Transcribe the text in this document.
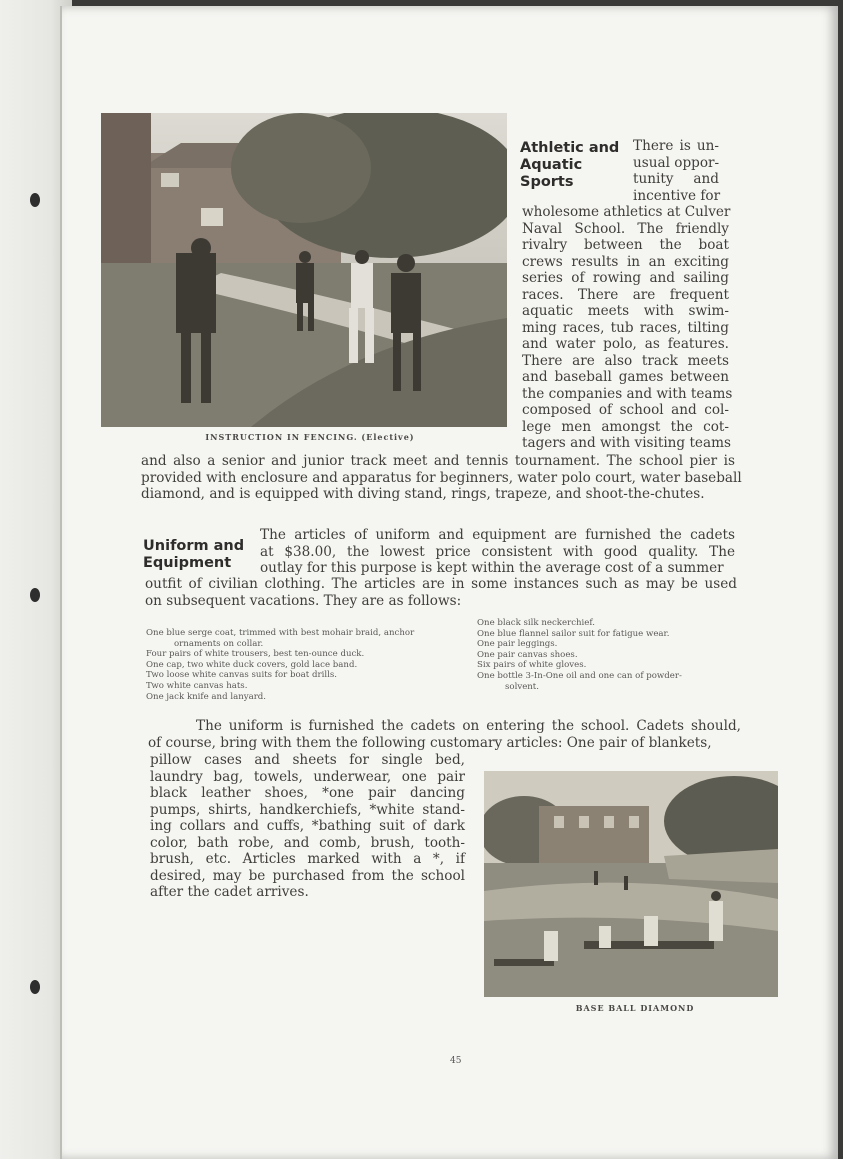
INSTRUCTION IN FENCING. (Elective)
Athletic and
Aquatic
Sports
There is un-
usual oppor-
tunity and
incentive for
wholesome athletics at Culver
Naval School. The friendly
rivalry between the boat
crews results in an exciting
series of rowing and sailing
races. There are frequent
aquatic meets with swim-
ming races, tub races, tilting
and water polo, as features.
There are also track meets
and baseball games between
the companies and with teams
composed of school and col-
lege men amongst the cot-
tagers and with visiting teams
and also a senior and junior track meet and tennis tournament. The school pier is
provided with enclosure and apparatus for beginners, water polo court, water baseball
diamond, and is equipped with diving stand, rings, trapeze, and shoot-the-chutes.
Uniform and
Equipment
The articles of uniform and equipment are furnished the cadets
at $38.00, the lowest price consistent with good quality. The
outlay for this purpose is kept within the average cost of a summer
outfit of civilian clothing. The articles are in some instances such as may be used
on subsequent vacations. They are as follows:
One blue serge coat, trimmed with best mohair braid, anchor
ornaments on collar.
Four pairs of white trousers, best ten-ounce duck.
One cap, two white duck covers, gold lace band.
Two loose white canvas suits for boat drills.
Two white canvas hats.
One jack knife and lanyard.
One black silk neckerchief.
One blue flannel sailor suit for fatigue wear.
One pair leggings.
One pair canvas shoes.
Six pairs of white gloves.
One bottle 3-In-One oil and one can of powder-
solvent.
The uniform is furnished the cadets on entering the school. Cadets should,
of course, bring with them the following customary articles: One pair of blankets,
pillow cases and sheets for single bed,
laundry bag, towels, underwear, one pair
black leather shoes, *one pair dancing
pumps, shirts, handkerchiefs, *white stand-
ing collars and cuffs, *bathing suit of dark
color, bath robe, and comb, brush, tooth-
brush, etc. Articles marked with a *, if
desired, may be purchased from the school
after the cadet arrives.
BASE BALL DIAMOND
45
